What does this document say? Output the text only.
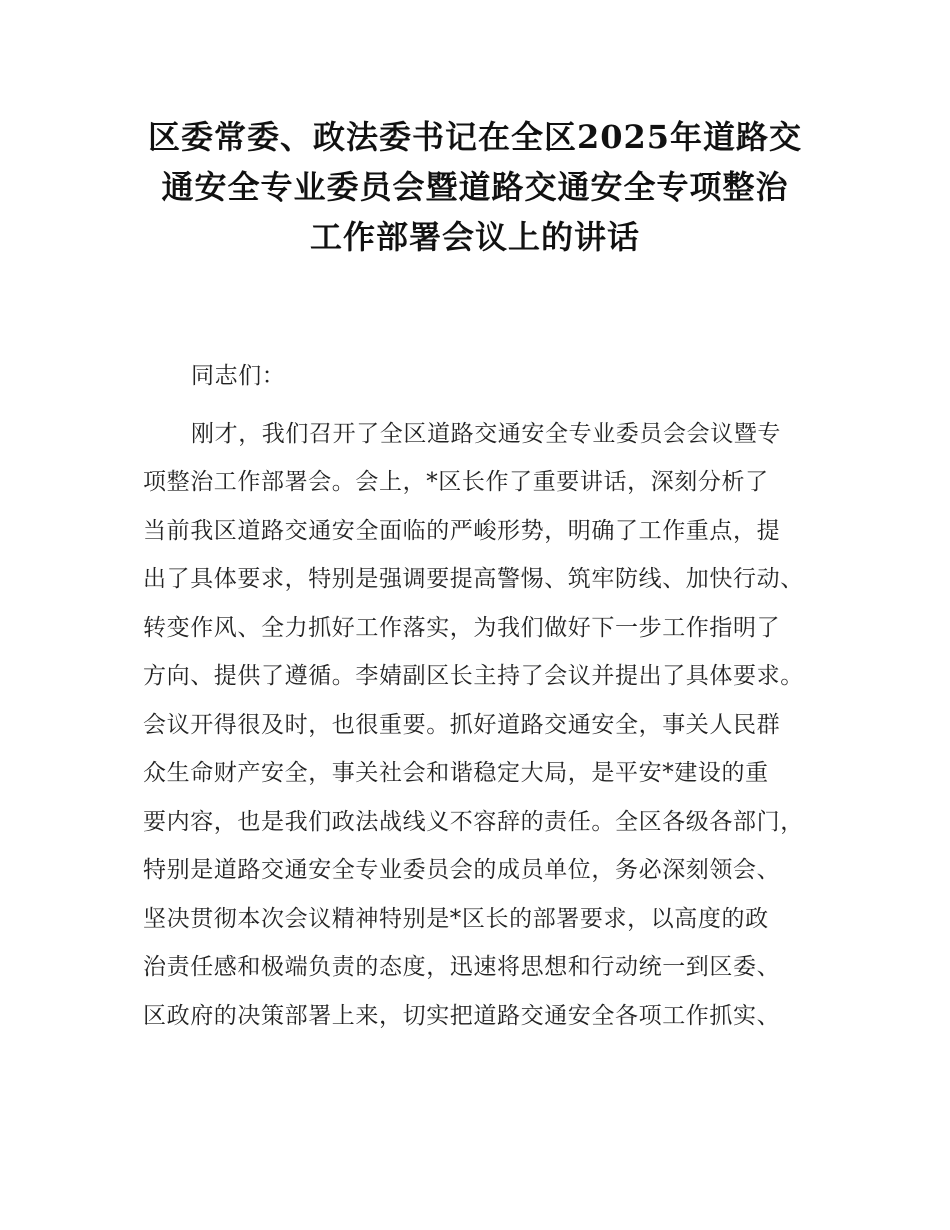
区委常委、政法委书记在全区2025年道路交
通安全专业委员会暨道路交通安全专项整治
工作部署会议上的讲话
同志们：
刚才，我们召开了全区道路交通安全专业委员会会议暨专
项整治工作部署会。会上，*区长作了重要讲话，深刻分析了
当前我区道路交通安全面临的严峻形势，明确了工作重点，提
出了具体要求，特别是强调要提高警惕、筑牢防线、加快行动、
转变作风、全力抓好工作落实，为我们做好下一步工作指明了
方向、提供了遵循。李婧副区长主持了会议并提出了具体要求。
会议开得很及时，也很重要。抓好道路交通安全，事关人民群
众生命财产安全，事关社会和谐稳定大局，是平安*建设的重
要内容，也是我们政法战线义不容辞的责任。全区各级各部门，
特别是道路交通安全专业委员会的成员单位，务必深刻领会、
坚决贯彻本次会议精神特别是*区长的部署要求，以高度的政
治责任感和极端负责的态度，迅速将思想和行动统一到区委、
区政府的决策部署上来，切实把道路交通安全各项工作抓实、
